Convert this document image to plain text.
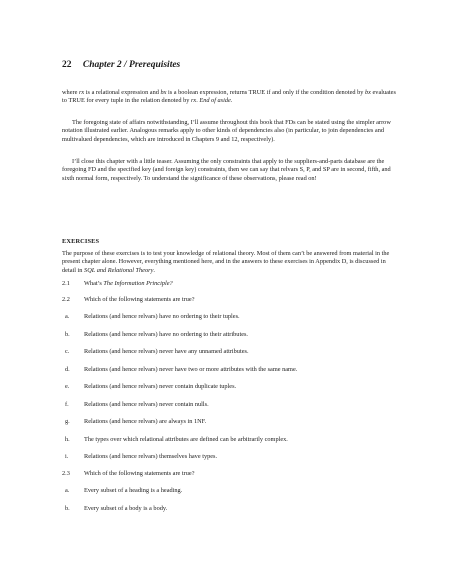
22 Chapter 2 / Prerequisites

where rx is a relational expression and bx is a boolean expression, returns TRUE if and only if the condition denoted by bx evaluates to TRUE for every tuple in the relation denoted by rx. End of aside.

The foregoing state of affairs notwithstanding, I’ll assume throughout this book that FDs can be stated using the simpler arrow notation illustrated earlier. Analogous remarks apply to other kinds of dependencies also (in particular, to join dependencies and multivalued dependencies, which are introduced in Chapters 9 and 12, respectively).

I’ll close this chapter with a little teaser. Assuming the only constraints that apply to the suppliers-and-parts database are the foregoing FD and the specified key (and foreign key) constraints, then we can say that relvars S, P, and SP are in second, fifth, and sixth normal form, respectively. To understand the significance of these observations, please read on!

EXERCISES

The purpose of these exercises is to test your knowledge of relational theory. Most of them can’t be answered from material in the present chapter alone. However, everything mentioned here, and in the answers to these exercises in Appendix D, is discussed in detail in SQL and Relational Theory.

2.1 What’s The Information Principle?
2.2 Which of the following statements are true?
a. Relations (and hence relvars) have no ordering to their tuples.
b. Relations (and hence relvars) have no ordering to their attributes.
c. Relations (and hence relvars) never have any unnamed attributes.
d. Relations (and hence relvars) never have two or more attributes with the same name.
e. Relations (and hence relvars) never contain duplicate tuples.
f. Relations (and hence relvars) never contain nulls.
g. Relations (and hence relvars) are always in 1NF.
h. The types over which relational attributes are defined can be arbitrarily complex.
i. Relations (and hence relvars) themselves have types.
2.3 Which of the following statements are true?
a. Every subset of a heading is a heading.
b. Every subset of a body is a body.
